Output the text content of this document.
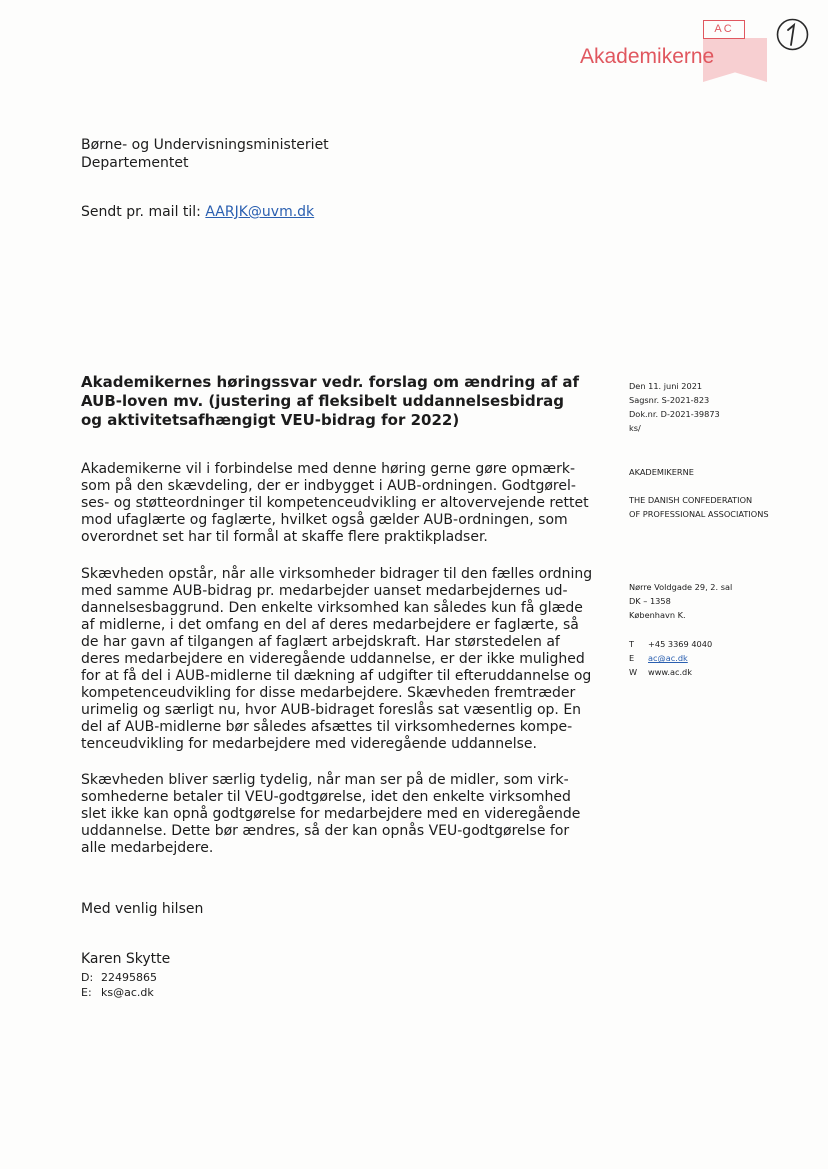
AC
Akademikerne
Børne- og Undervisningsministeriet
Departementet
Sendt pr. mail til: AARJK@uvm.dk
Akademikernes høringssvar vedr. forslag om ændring af af
AUB-loven mv. (justering af fleksibelt uddannelsesbidrag
og aktivitetsafhængigt VEU-bidrag for 2022)
Den 11. juni 2021
Sagsnr. S-2021-823
Dok.nr. D-2021-39873
ks/
AKADEMIKERNE
THE DANISH CONFEDERATION
OF PROFESSIONAL ASSOCIATIONS
Nørre Voldgade 29, 2. sal
DK – 1358
København K.
T	+45 3369 4040
E	ac@ac.dk
W	www.ac.dk
Akademikerne vil i forbindelse med denne høring gerne gøre opmærk-
som på den skævdeling, der er indbygget i AUB-ordningen. Godtgørel-
ses- og støtteordninger til kompetenceudvikling er altovervejende rettet
mod ufaglærte og faglærte, hvilket også gælder AUB-ordningen, som
overordnet set har til formål at skaffe flere praktikpladser.
Skævheden opstår, når alle virksomheder bidrager til den fælles ordning
med samme AUB-bidrag pr. medarbejder uanset medarbejdernes ud-
dannelsesbaggrund. Den enkelte virksomhed kan således kun få glæde
af midlerne, i det omfang en del af deres medarbejdere er faglærte, så
de har gavn af tilgangen af faglært arbejdskraft. Har størstedelen af
deres medarbejdere en videregående uddannelse, er der ikke mulighed
for at få del i AUB-midlerne til dækning af udgifter til efteruddannelse og
kompetenceudvikling for disse medarbejdere. Skævheden fremtræder
urimelig og særligt nu, hvor AUB-bidraget foreslås sat væsentlig op. En
del af AUB-midlerne bør således afsættes til virksomhedernes kompe-
tenceudvikling for medarbejdere med videregående uddannelse.
Skævheden bliver særlig tydelig, når man ser på de midler, som virk-
somhederne betaler til VEU-godtgørelse, idet den enkelte virksomhed
slet ikke kan opnå godtgørelse for medarbejdere med en videregående
uddannelse. Dette bør ændres, så der kan opnås VEU-godtgørelse for
alle medarbejdere.
Med venlig hilsen
Karen Skytte
D: 22495865
E: ks@ac.dk
